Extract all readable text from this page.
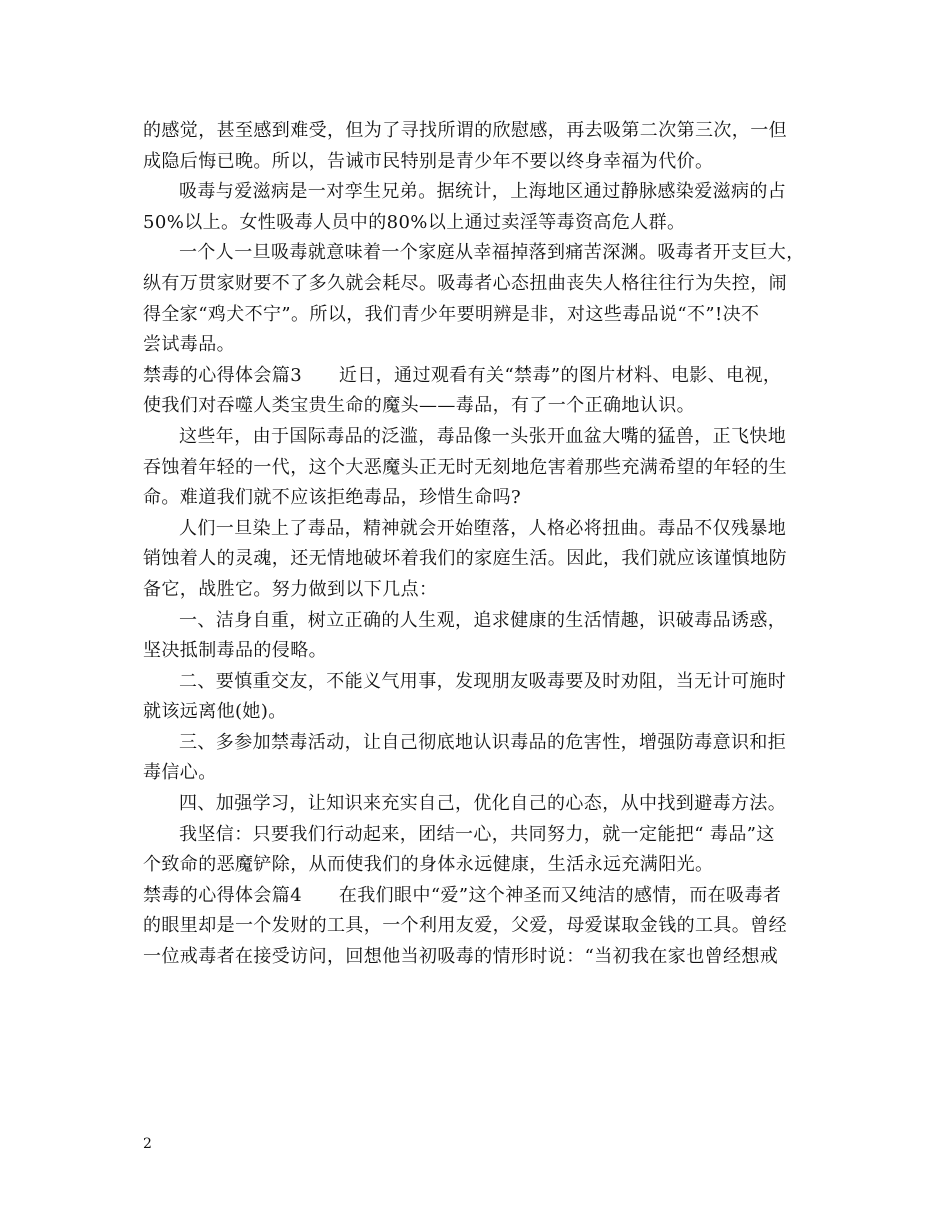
的感觉，甚至感到难受，但为了寻找所谓的欣慰感，再去吸第二次第三次，一但
成隐后悔已晚。所以，告诫市民特别是青少年不要以终身幸福为代价。
吸毒与爱滋病是一对孪生兄弟。据统计，上海地区通过静脉感染爱滋病的占
50%以上。女性吸毒人员中的80%以上通过卖淫等毒资高危人群。
一个人一旦吸毒就意味着一个家庭从幸福掉落到痛苦深渊。吸毒者开支巨大，
纵有万贯家财要不了多久就会耗尽。吸毒者心态扭曲丧失人格往往行为失控，闹
得全家“鸡犬不宁”。所以，我们青少年要明辨是非，对这些毒品说“不”!决不
尝试毒品。
禁毒的心得体会篇3　　近日，通过观看有关“禁毒”的图片材料、电影、电视，
使我们对吞噬人类宝贵生命的魔头——毒品，有了一个正确地认识。
这些年，由于国际毒品的泛滥，毒品像一头张开血盆大嘴的猛兽，正飞快地
吞蚀着年轻的一代，这个大恶魔头正无时无刻地危害着那些充满希望的年轻的生
命。难道我们就不应该拒绝毒品，珍惜生命吗?
人们一旦染上了毒品，精神就会开始堕落，人格必将扭曲。毒品不仅残暴地
销蚀着人的灵魂，还无情地破坏着我们的家庭生活。因此，我们就应该谨慎地防
备它，战胜它。努力做到以下几点：
一、洁身自重，树立正确的人生观，追求健康的生活情趣，识破毒品诱惑，
坚决抵制毒品的侵略。
二、要慎重交友，不能义气用事，发现朋友吸毒要及时劝阻，当无计可施时
就该远离他(她)。
三、多参加禁毒活动，让自己彻底地认识毒品的危害性，增强防毒意识和拒
毒信心。
四、加强学习，让知识来充实自己，优化自己的心态，从中找到避毒方法。
我坚信：只要我们行动起来，团结一心，共同努力，就一定能把“ 毒品”这
个致命的恶魔铲除，从而使我们的身体永远健康，生活永远充满阳光。
禁毒的心得体会篇4　　在我们眼中“爱”这个神圣而又纯洁的感情，而在吸毒者
的眼里却是一个发财的工具，一个利用友爱，父爱，母爱谋取金钱的工具。曾经
一位戒毒者在接受访问，回想他当初吸毒的情形时说：“当初我在家也曾经想戒
2
